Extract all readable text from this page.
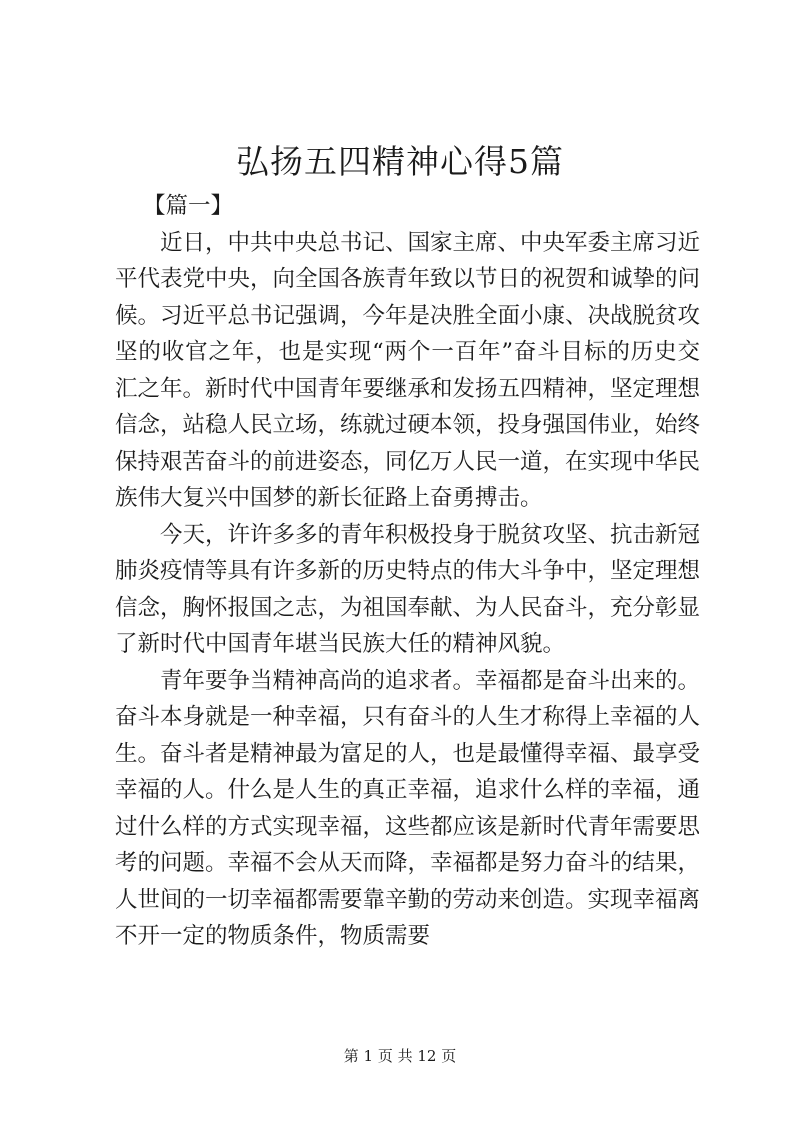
弘扬五四精神心得5篇

【篇一】

近日，中共中央总书记、国家主席、中央军委主席习近平代表党中央，向全国各族青年致以节日的祝贺和诚挚的问候。习近平总书记强调，今年是决胜全面小康、决战脱贫攻坚的收官之年，也是实现“两个一百年”奋斗目标的历史交汇之年。新时代中国青年要继承和发扬五四精神，坚定理想信念，站稳人民立场，练就过硬本领，投身强国伟业，始终保持艰苦奋斗的前进姿态，同亿万人民一道，在实现中华民族伟大复兴中国梦的新长征路上奋勇搏击。

今天，许许多多的青年积极投身于脱贫攻坚、抗击新冠肺炎疫情等具有许多新的历史特点的伟大斗争中，坚定理想信念，胸怀报国之志，为祖国奉献、为人民奋斗，充分彰显了新时代中国青年堪当民族大任的精神风貌。

青年要争当精神高尚的追求者。幸福都是奋斗出来的。奋斗本身就是一种幸福，只有奋斗的人生才称得上幸福的人生。奋斗者是精神最为富足的人，也是最懂得幸福、最享受幸福的人。什么是人生的真正幸福，追求什么样的幸福，通过什么样的方式实现幸福，这些都应该是新时代青年需要思考的问题。幸福不会从天而降，幸福都是努力奋斗的结果，人世间的一切幸福都需要靠辛勤的劳动来创造。实现幸福离不开一定的物质条件，物质需要

第 1 页 共 12 页
